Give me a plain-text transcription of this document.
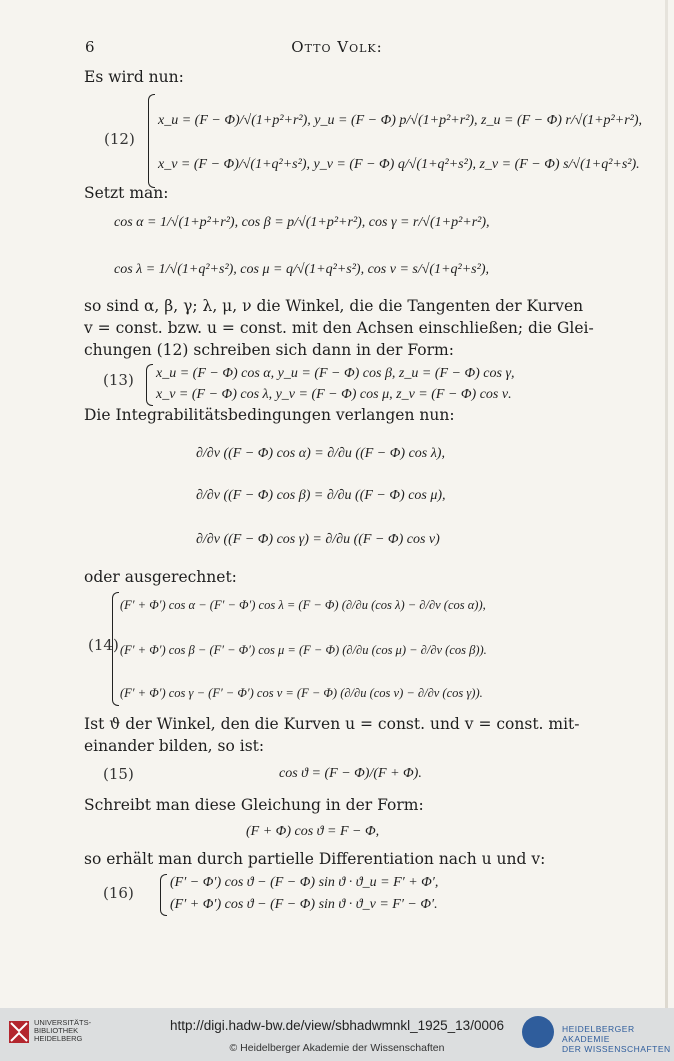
6	Otto Volk:
Es wird nun:
(12)
x_u = (F − Φ)/√(1+p²+r²), y_u = (F − Φ) p/√(1+p²+r²), z_u = (F − Φ) r/√(1+p²+r²),
x_v = (F − Φ)/√(1+q²+s²), y_v = (F − Φ) q/√(1+q²+s²), z_v = (F − Φ) s/√(1+q²+s²).
Setzt man:
cos α = 1/√(1+p²+r²), cos β = p/√(1+p²+r²), cos γ = r/√(1+p²+r²),
cos λ = 1/√(1+q²+s²), cos μ = q/√(1+q²+s²), cos ν = s/√(1+q²+s²),
so sind α, β, γ; λ, μ, ν die Winkel, die die Tangenten der Kurven
v = const. bzw. u = const. mit den Achsen einschließen; die Glei-
chungen (12) schreiben sich dann in der Form:
(13) x_u = (F − Φ) cos α, y_u = (F − Φ) cos β, z_u = (F − Φ) cos γ,
x_v = (F − Φ) cos λ, y_v = (F − Φ) cos μ, z_v = (F − Φ) cos ν.
Die Integrabilitätsbedingungen verlangen nun:
∂/∂v ((F − Φ) cos α) = ∂/∂u ((F − Φ) cos λ),
∂/∂v ((F − Φ) cos β) = ∂/∂u ((F − Φ) cos μ),
∂/∂v ((F − Φ) cos γ) = ∂/∂u ((F − Φ) cos ν)
oder ausgerechnet:
(14)
(F′ + Φ′) cos α − (F′ − Φ′) cos λ = (F − Φ) (∂/∂u (cos λ) − ∂/∂v (cos α)),
(F′ + Φ′) cos β − (F′ − Φ′) cos μ = (F − Φ) (∂/∂u (cos μ) − ∂/∂v (cos β)).
(F′ + Φ′) cos γ − (F′ − Φ′) cos ν = (F − Φ) (∂/∂u (cos ν) − ∂/∂v (cos γ)).
Ist ϑ der Winkel, den die Kurven u = const. und v = const. mit-
einander bilden, so ist:
(15)	cos ϑ = (F − Φ)/(F + Φ).
Schreibt man diese Gleichung in der Form:
(F + Φ) cos ϑ = F − Φ,
so erhält man durch partielle Differentiation nach u und v:
(16)
(F′ − Φ′) cos ϑ − (F − Φ) sin ϑ · ϑ_u = F′ + Φ′,
(F′ + Φ′) cos ϑ − (F − Φ) sin ϑ · ϑ_v = F′ − Φ′.
UNIVERSITÄTS-
BIBLIOTHEK
HEIDELBERG
http://digi.hadw-bw.de/view/sbhadwmnkl_1925_13/0006
© Heidelberger Akademie der Wissenschaften
HEIDELBERGER AKADEMIE
DER WISSENSCHAFTEN
